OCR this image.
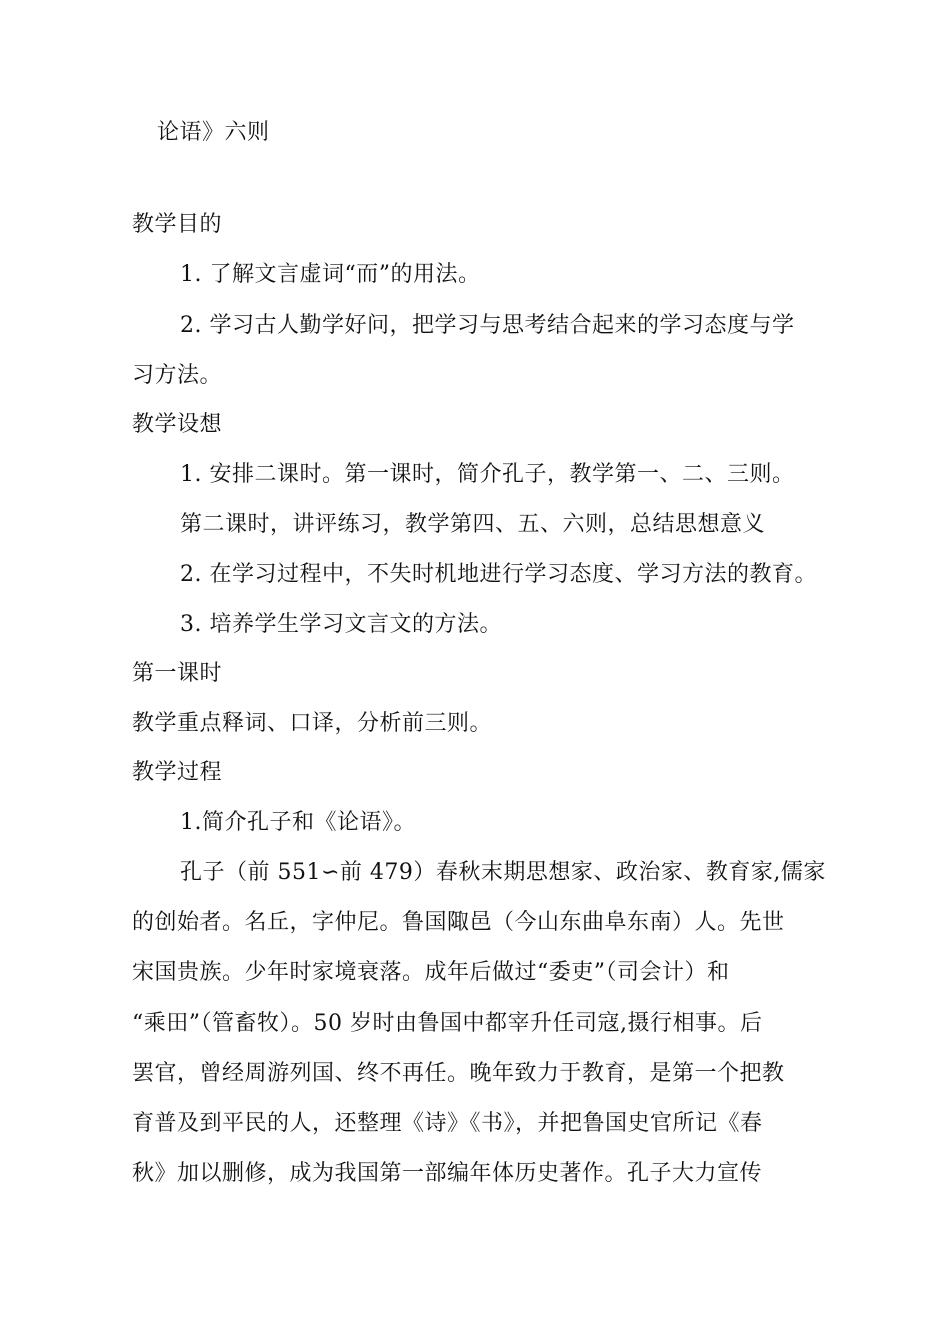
论语》六则
教学目的
1. 了解文言虚词“而”的用法。
2. 学习古人勤学好问，把学习与思考结合起来的学习态度与学
习方法。
教学设想
1. 安排二课时。第一课时，简介孔子，教学第一、二、三则。
第二课时，讲评练习，教学第四、五、六则，总结思想意义
2. 在学习过程中，不失时机地进行学习态度、学习方法的教育。
3. 培养学生学习文言文的方法。
第一课时
教学重点释词、口译，分析前三则。
教学过程
1.简介孔子和《论语》。
孔子（前 551∽前 479）春秋末期思想家、政治家、教育家,儒家
的创始者。名丘，字仲尼。鲁国陬邑（今山东曲阜东南）人。先世
宋国贵族。少年时家境衰落。成年后做过“委吏”（司会计）和
“乘田”（管畜牧）。50 岁时由鲁国中都宰升任司寇,摄行相事。后
罢官，曾经周游列国、终不再任。晚年致力于教育，是第一个把教
育普及到平民的人，还整理《诗》《书》，并把鲁国史官所记《春
秋》加以删修，成为我国第一部编年体历史著作。孔子大力宣传
